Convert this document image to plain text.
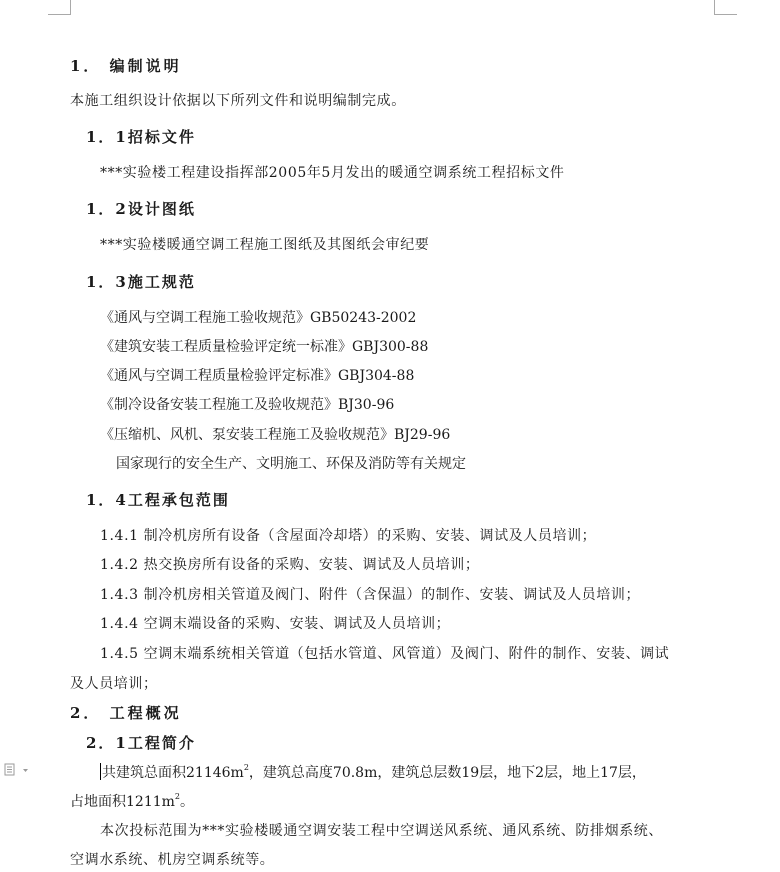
1． 编制说明
本施工组织设计依据以下所列文件和说明编制完成。
1．1招标文件
***实验楼工程建设指挥部2005年5月发出的暖通空调系统工程招标文件
1．2设计图纸
***实验楼暖通空调工程施工图纸及其图纸会审纪要
1．3施工规范
《通风与空调工程施工验收规范》GB50243-2002
《建筑安装工程质量检验评定统一标准》GBJ300-88
《通风与空调工程质量检验评定标准》GBJ304-88
《制冷设备安装工程施工及验收规范》BJ30-96
《压缩机、风机、泵安装工程施工及验收规范》BJ29-96
国家现行的安全生产、文明施工、环保及消防等有关规定
1．4工程承包范围
1.4.1 制冷机房所有设备（含屋面冷却塔）的采购、安装、调试及人员培训；
1.4.2 热交换房所有设备的采购、安装、调试及人员培训；
1.4.3 制冷机房相关管道及阀门、附件（含保温）的制作、安装、调试及人员培训；
1.4.4 空调末端设备的采购、安装、调试及人员培训；
1.4.5 空调末端系统相关管道（包括水管道、风管道）及阀门、附件的制作、安装、调试
及人员培训；
2． 工程概况
2．1工程简介
共建筑总面积$21146m^2$，建筑总高度70.8m，建筑总层数19层，地下2层，地上17层，
占地面积$1211m^2$。
本次投标范围为***实验楼暖通空调安装工程中空调送风系统、通风系统、防排烟系统、
空调水系统、机房空调系统等。
